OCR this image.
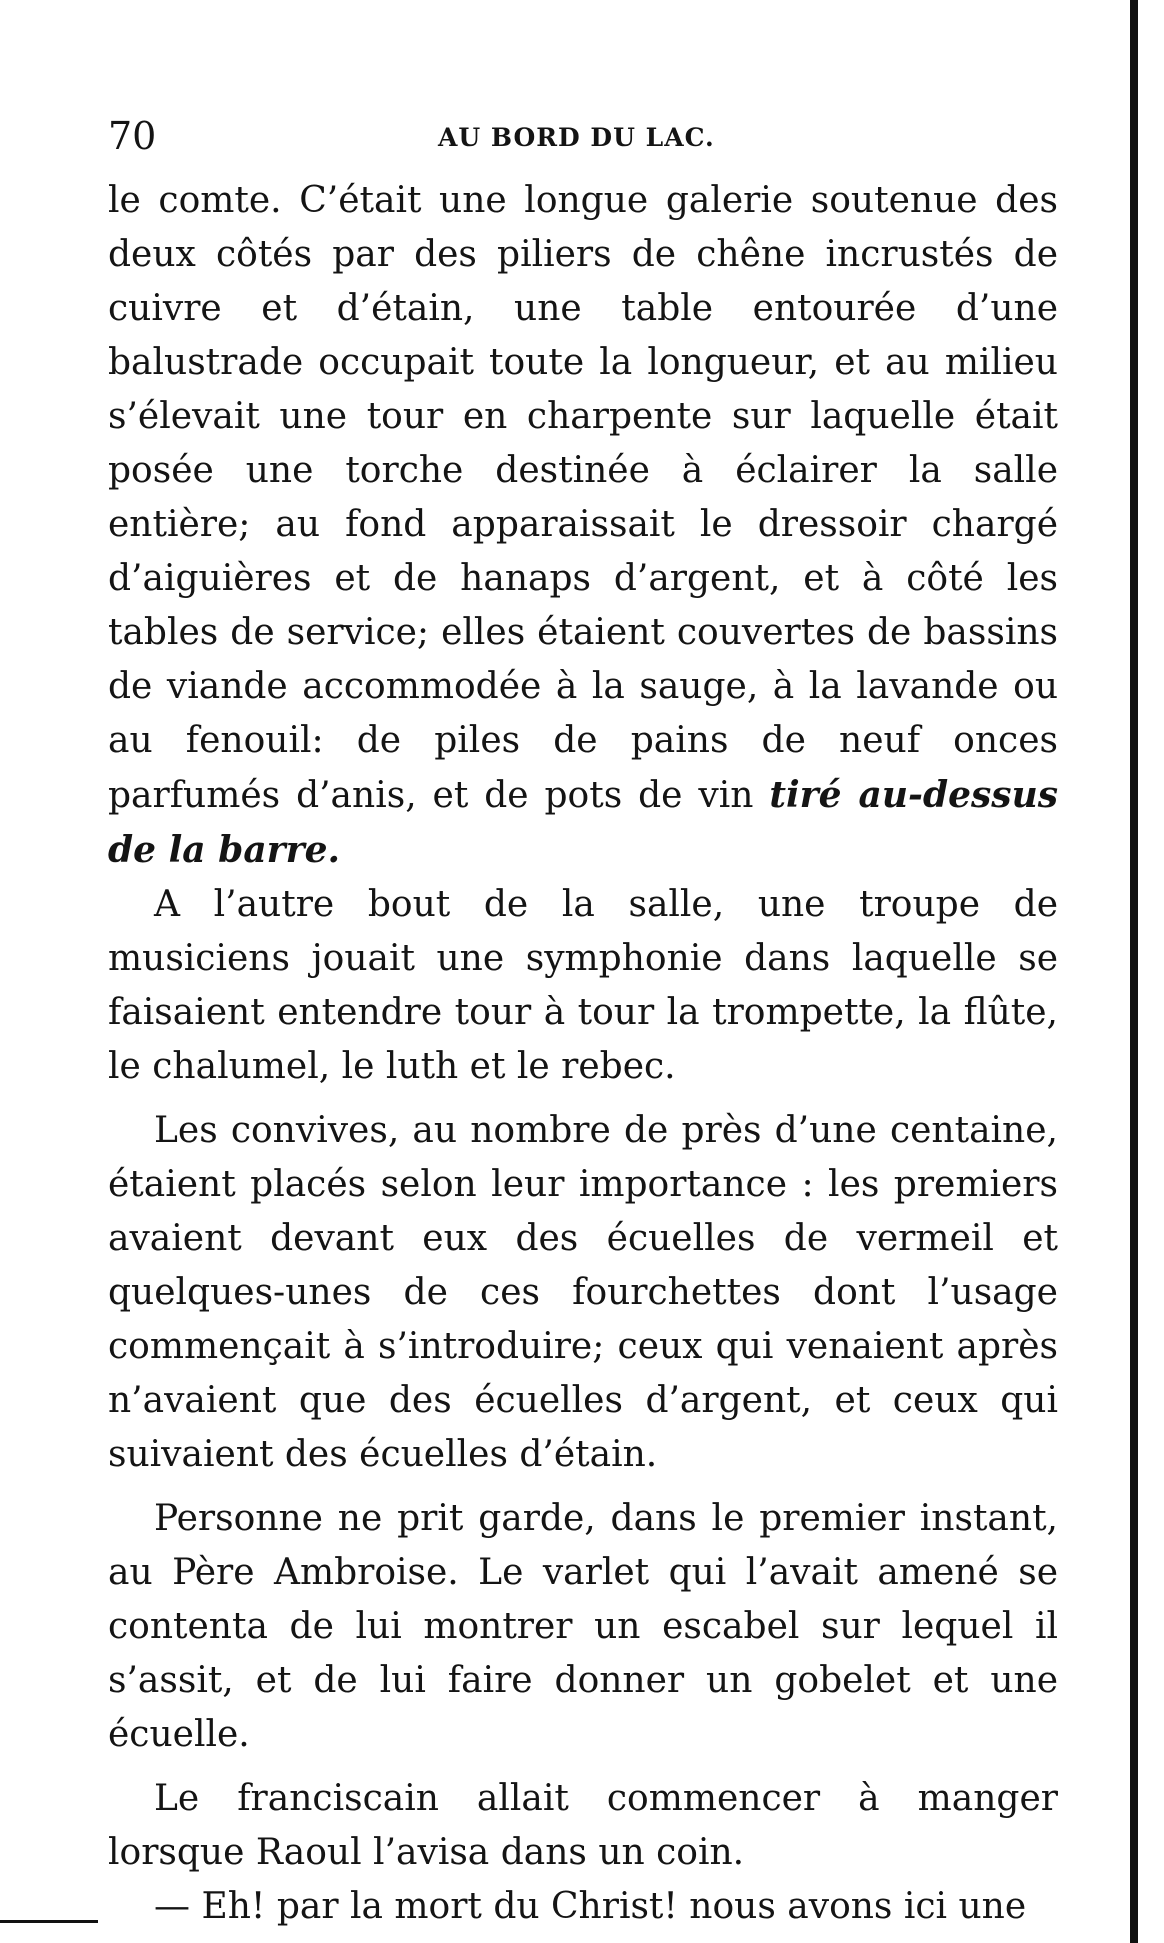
70	AU BORD DU LAC.

le comte. C’était une longue galerie soutenue des deux côtés par des piliers de chêne incrustés de cuivre et d’étain, une table entourée d’une balustrade occupait toute la longueur, et au milieu s’élevait une tour en charpente sur laquelle était posée une torche destinée à éclairer la salle entière; au fond apparaissait le dressoir chargé d’aiguières et de hanaps d’argent, et à côté les tables de service; elles étaient couvertes de bassins de viande accommodée à la sauge, à la lavande ou au fenouil: de piles de pains de neuf onces parfumés d’anis, et de pots de vin tiré au-dessus de la barre.

A l’autre bout de la salle, une troupe de musiciens jouait une symphonie dans laquelle se faisaient entendre tour à tour la trompette, la flûte, le chalumel, le luth et le rebec.

Les convives, au nombre de près d’une centaine, étaient placés selon leur importance : les premiers avaient devant eux des écuelles de vermeil et quelques-unes de ces fourchettes dont l’usage commençait à s’introduire; ceux qui venaient après n’avaient que des écuelles d’argent, et ceux qui suivaient des écuelles d’étain.

Personne ne prit garde, dans le premier instant, au Père Ambroise. Le varlet qui l’avait amené se contenta de lui montrer un escabel sur lequel il s’assit, et de lui faire donner un gobelet et une écuelle.

Le franciscain allait commencer à manger lorsque Raoul l’avisa dans un coin.

— Eh! par la mort du Christ! nous avons ici une
